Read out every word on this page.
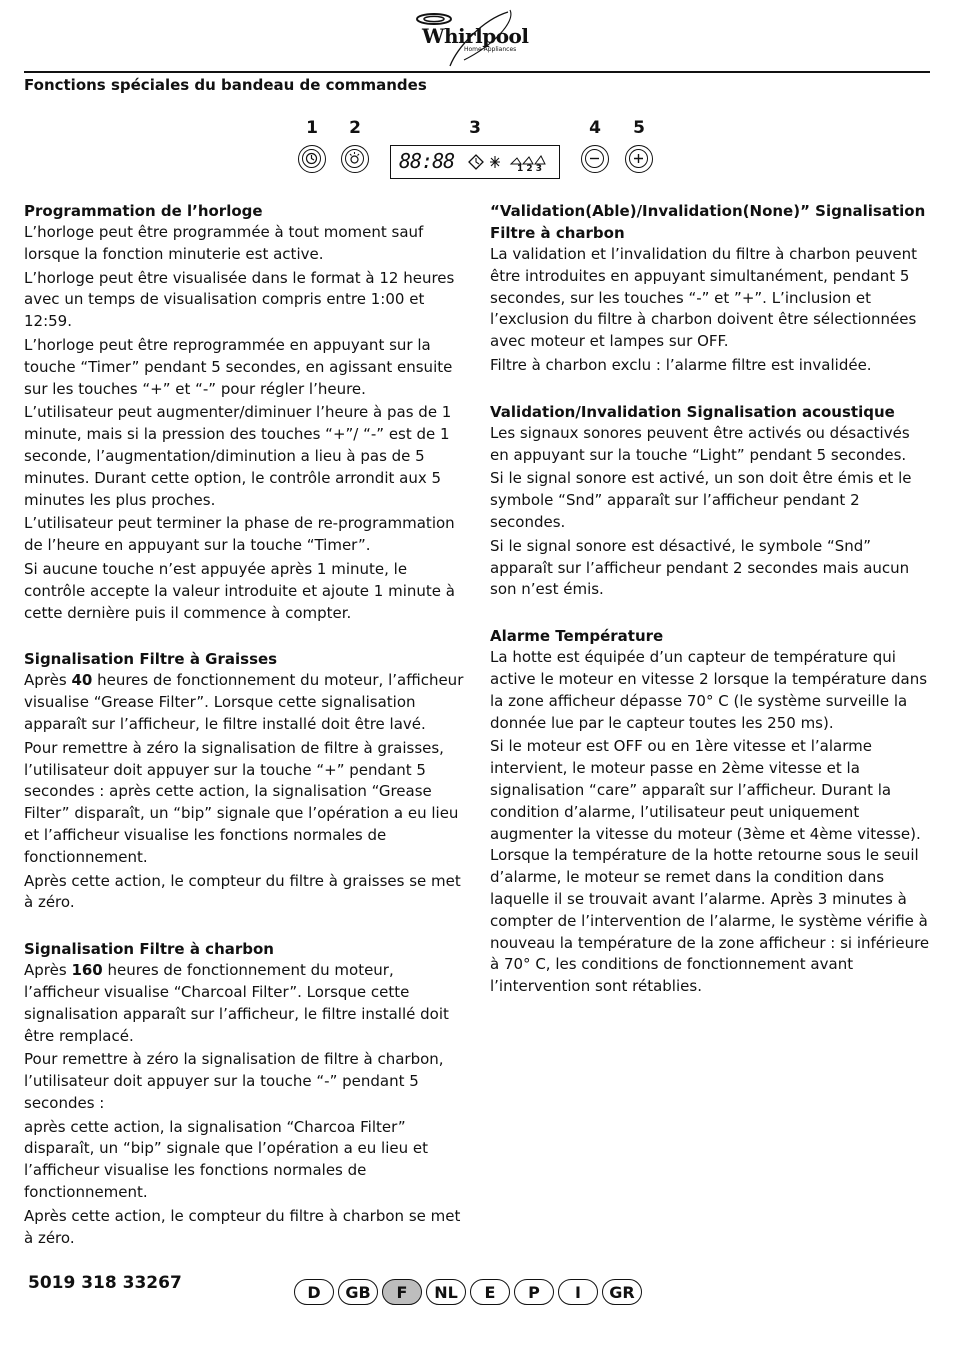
Whirlpool
Home Appliances
Fonctions spéciales du bandeau de commandes
1 2	3	4 5
88:88	1 2 3
Programmation de l’horloge

L’horloge peut être programmée à tout moment sauf lorsque la fonction minuterie est active.

L’horloge peut être visualisée dans le format à 12 heures avec un temps de visualisation compris entre 1:00 et 12:59.

L’horloge peut être reprogrammée en appuyant sur la touche “Timer” pendant 5 secondes, en agissant ensuite sur les touches “+” et “-” pour régler l’heure.

L’utilisateur peut augmenter/diminuer l’heure à pas de 1 minute, mais si la pression des touches “+”/ “-” est de 1 seconde, l’augmentation/diminution a lieu à pas de 5 minutes. Durant cette option, le contrôle arrondit aux 5 minutes les plus proches.

L’utilisateur peut terminer la phase de re-programmation de l’heure en appuyant sur la touche “Timer”.

Si aucune touche n’est appuyée après 1 minute, le contrôle accepte la valeur introduite et ajoute 1 minute à cette dernière puis il commence à compter.

Signalisation Filtre à Graisses

Après 40 heures de fonctionnement du moteur, l’afficheur visualise “Grease Filter”. Lorsque cette signalisation apparaît sur l’afficheur, le filtre installé doit être lavé.

Pour remettre à zéro la signalisation de filtre à graisses, l’utilisateur doit appuyer sur la touche “+” pendant 5 secondes : après cette action, la signalisation “Grease Filter” disparaît, un “bip” signale que l’opération a eu lieu et l’afficheur visualise les fonctions normales de fonctionnement.

Après cette action, le compteur du filtre à graisses se met à zéro.

Signalisation Filtre à charbon

Après 160 heures de fonctionnement du moteur, l’afficheur visualise “Charcoal Filter”. Lorsque cette signalisation apparaît sur l’afficheur, le filtre installé doit être remplacé.

Pour remettre à zéro la signalisation de filtre à charbon, l’utilisateur doit appuyer sur la touche “-” pendant 5 secondes :

après cette action, la signalisation “Charcoa Filter” disparaît, un “bip” signale que l’opération a eu lieu et l’afficheur visualise les fonctions normales de fonctionnement.

Après cette action, le compteur du filtre à charbon se met à zéro.

“Validation(Able)/Invalidation(None)” Signalisation Filtre à charbon

La validation et l’invalidation du filtre à charbon peuvent être introduites en appuyant simultanément, pendant 5 secondes, sur les touches “-” et ”+”. L’inclusion et l’exclusion du filtre à charbon doivent être sélectionnées avec moteur et lampes sur OFF.

Filtre à charbon exclu : l’alarme filtre est invalidée.

Validation/Invalidation Signalisation acoustique

Les signaux sonores peuvent être activés ou désactivés en appuyant sur la touche “Light” pendant 5 secondes.

Si le signal sonore est activé, un son doit être émis et le symbole “Snd” apparaît sur l’afficheur pendant 2 secondes.

Si le signal sonore est désactivé, le symbole “Snd” apparaît sur l’afficheur pendant 2 secondes mais aucun son n’est émis.

Alarme Température

La hotte est équipée d’un capteur de température qui active le moteur en vitesse 2 lorsque la température dans la zone afficheur dépasse 70° C (le système surveille la donnée lue par le capteur toutes les 250 ms).

Si le moteur est OFF ou en 1ère vitesse et l’alarme intervient, le moteur passe en 2ème vitesse et la signalisation “care” apparaît sur l’afficheur. Durant la condition d’alarme, l’utilisateur peut uniquement augmenter la vitesse du moteur (3ème et 4ème vitesse). Lorsque la température de la hotte retourne sous le seuil d’alarme, le moteur se remet dans la condition dans laquelle il se trouvait avant l’alarme. Après 3 minutes à compter de l’intervention de l’alarme, le système vérifie à nouveau la température de la zone afficheur : si inférieure à 70° C, les conditions de fonctionnement avant l’intervention sont rétablies.

5019 318 33267	D	GB	F	NL	E	P	I	GR
